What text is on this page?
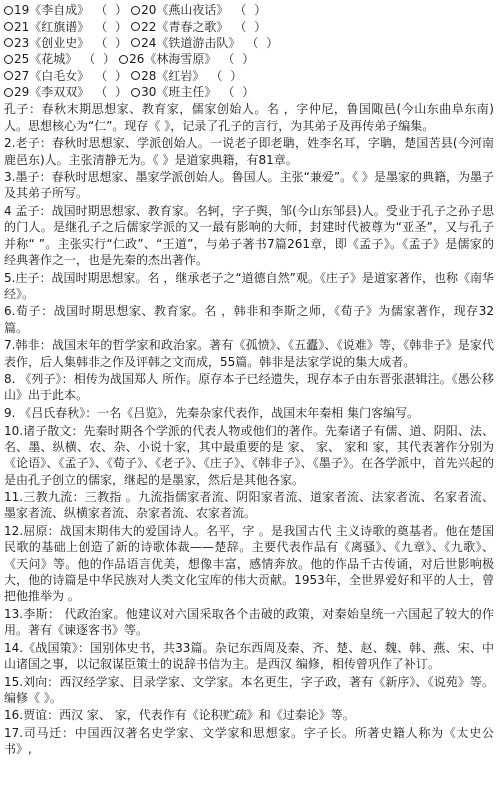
19《李自成》 （ ） 20《燕山夜话》 （ ）
21《红旗谱》 （ ） 22《青春之歌》 （ ）
23《创业史》 （ ） 24《铁道游击队》 （ ）
25《花城》 （ ） 26《林海雪原》 （ ）
27《白毛女》 （ ） 28《红岩》 （ ）
29《李双双》 （ ） 30《班主任》 （ ）

孔子：春秋末期思想家、教育家，儒家创始人。名 ，字仲尼，鲁国陬邑(今山东曲阜东南)人。思想核心为“仁”。现存《 》，记录了孔子的言行，为其弟子及再传弟子编集。

2.老子：春秋时思想家、学派创始人。一说老子即老聃，姓李名耳，字聃，楚国苦县(今河南鹿邑东)人。主张清静无为。《 》是道家典籍，有81章。

3.墨子：春秋时思想家、墨家学派创始人。鲁国人。主张“兼爱”。《 》是墨家的典籍，为墨子及其弟子所写。

4 孟子：战国时期思想家、教育家。名轲，字子舆，邹(今山东邹县)人。受业于孔子之孙子思的门人。是继孔子之后儒家学派的又一最有影响的大师，封建时代被尊为“亚圣”，又与孔子并称“ ”。主张实行“仁政”、“王道”，与弟子著书7篇261章，即《孟子》。《孟子》是儒家的经典著作之一，也是先秦的杰出著作。

5.庄子：战国时期思想家。名 ，继承老子之“道德自然”观。《庄子》是道家著作，也称《南华经》。

6.荀子：战国时期思想家、教育家。名 ，韩非和李斯之师，《荀子》为儒家著作，现存32篇。

7.韩非：战国末年的哲学家和政治家。著有《孤愤》、《五蠹》、《说难》等，《韩非子》是家代表作，后人集韩非之作及评韩之文而成，55篇。韩非是法家学说的集大成者。

8. 《列子》：相传为战国郑人 所作。原存本子已经遗失，现存本子由东晋张湛辑注。《愚公移山》出于此本。

9. 《吕氏春秋》：一名《吕览》，先秦杂家代表作，战国末年秦相 集门客编写。

10.诸子散文：先秦时期各个学派的代表人物或他们的著作。先秦诸子有儒、道、阴阳、法、名、墨、纵横、农、杂、小说十家，其中最重要的是 家、 家、 家和 家，其代表著作分别为《论语》、《孟子》、《荀子》、《老子》、《庄子》、《韩非子》、《墨子》。在各学派中，首先兴起的是由孔子创立的儒家，继起的是墨家，然后是其他各家。

11.三教九流：三教指 。九流指儒家者流、阴阳家者流、道家者流、法家者流、名家者流、墨家者流、纵横家者流、杂家者流、农家者流。

12.屈原：战国末期伟大的爱国诗人。名平，字 。是我国古代 主义诗歌的奠基者。他在楚国民歌的基础上创造了新的诗歌体裁——楚辞。主要代表作品有《离骚》、《九章》、《九歌》、《天问》等。他的作品语言优美，想像丰富，感情奔放。他的作品千古传诵，对后世影响极大，他的诗篇是中华民族对人类文化宝库的伟大贡献。1953年，全世界爱好和平的人士，曾把他推举为 。

13.李斯： 代政治家。他建议对六国采取各个击破的政策，对秦始皇统一六国起了较大的作用。著有《谏逐客书》等。

14.《战国策》：国别体史书，共33篇。杂记东西周及秦、齐、楚、赵、魏、韩、燕、宋、中山诸国之事，以记叙谋臣策士的说辞书信为主。是西汉 编修，相传曾巩作了补订。

15.刘向：西汉经学家、目录学家、文学家。本名更生，字子政，著有《新序》、《说苑》等。编修《 》。

16.贾谊：西汉 家、 家，代表作有《论积贮疏》和《过秦论》等。

17.司马迁：中国西汉著名史学家、文学家和思想家。字子长。所著史籍人称为《太史公书》,
